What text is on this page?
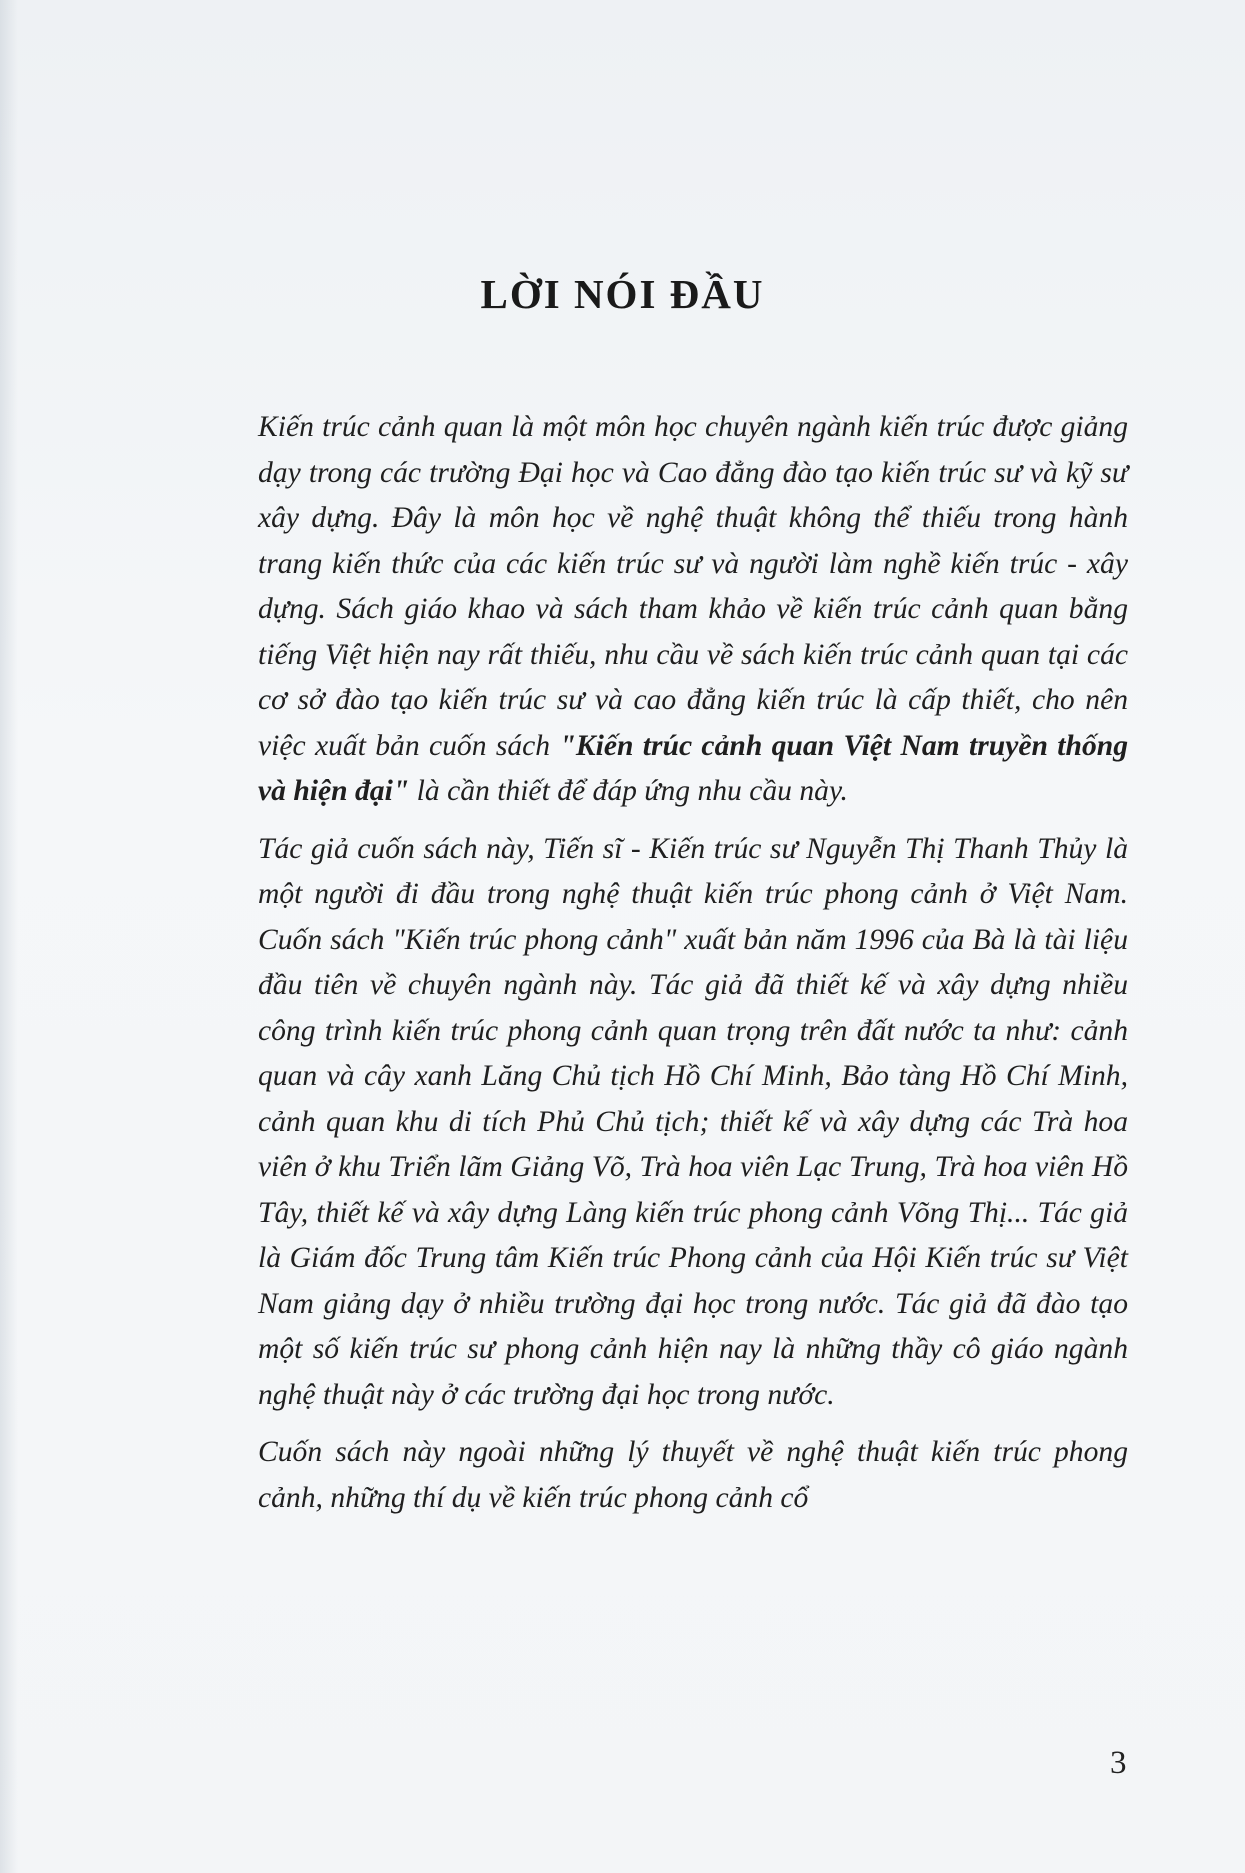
LỜI NÓI ĐẦU

Kiến trúc cảnh quan là một môn học chuyên ngành kiến trúc được giảng dạy trong các trường Đại học và Cao đẳng đào tạo kiến trúc sư và kỹ sư xây dựng. Đây là môn học về nghệ thuật không thể thiếu trong hành trang kiến thức của các kiến trúc sư và người làm nghề kiến trúc - xây dựng. Sách giáo khao và sách tham khảo về kiến trúc cảnh quan bằng tiếng Việt hiện nay rất thiếu, nhu cầu về sách kiến trúc cảnh quan tại các cơ sở đào tạo kiến trúc sư và cao đẳng kiến trúc là cấp thiết, cho nên việc xuất bản cuốn sách "Kiến trúc cảnh quan Việt Nam truyền thống và hiện đại" là cần thiết để đáp ứng nhu cầu này.

Tác giả cuốn sách này, Tiến sĩ - Kiến trúc sư Nguyễn Thị Thanh Thủy là một người đi đầu trong nghệ thuật kiến trúc phong cảnh ở Việt Nam. Cuốn sách "Kiến trúc phong cảnh" xuất bản năm 1996 của Bà là tài liệu đầu tiên về chuyên ngành này. Tác giả đã thiết kế và xây dựng nhiều công trình kiến trúc phong cảnh quan trọng trên đất nước ta như: cảnh quan và cây xanh Lăng Chủ tịch Hồ Chí Minh, Bảo tàng Hồ Chí Minh, cảnh quan khu di tích Phủ Chủ tịch; thiết kế và xây dựng các Trà hoa viên ở khu Triển lãm Giảng Võ, Trà hoa viên Lạc Trung, Trà hoa viên Hồ Tây, thiết kế và xây dựng Làng kiến trúc phong cảnh Võng Thị... Tác giả là Giám đốc Trung tâm Kiến trúc Phong cảnh của Hội Kiến trúc sư Việt Nam giảng dạy ở nhiều trường đại học trong nước. Tác giả đã đào tạo một số kiến trúc sư phong cảnh hiện nay là những thầy cô giáo ngành nghệ thuật này ở các trường đại học trong nước.

Cuốn sách này ngoài những lý thuyết về nghệ thuật kiến trúc phong cảnh, những thí dụ về kiến trúc phong cảnh cổ

3
